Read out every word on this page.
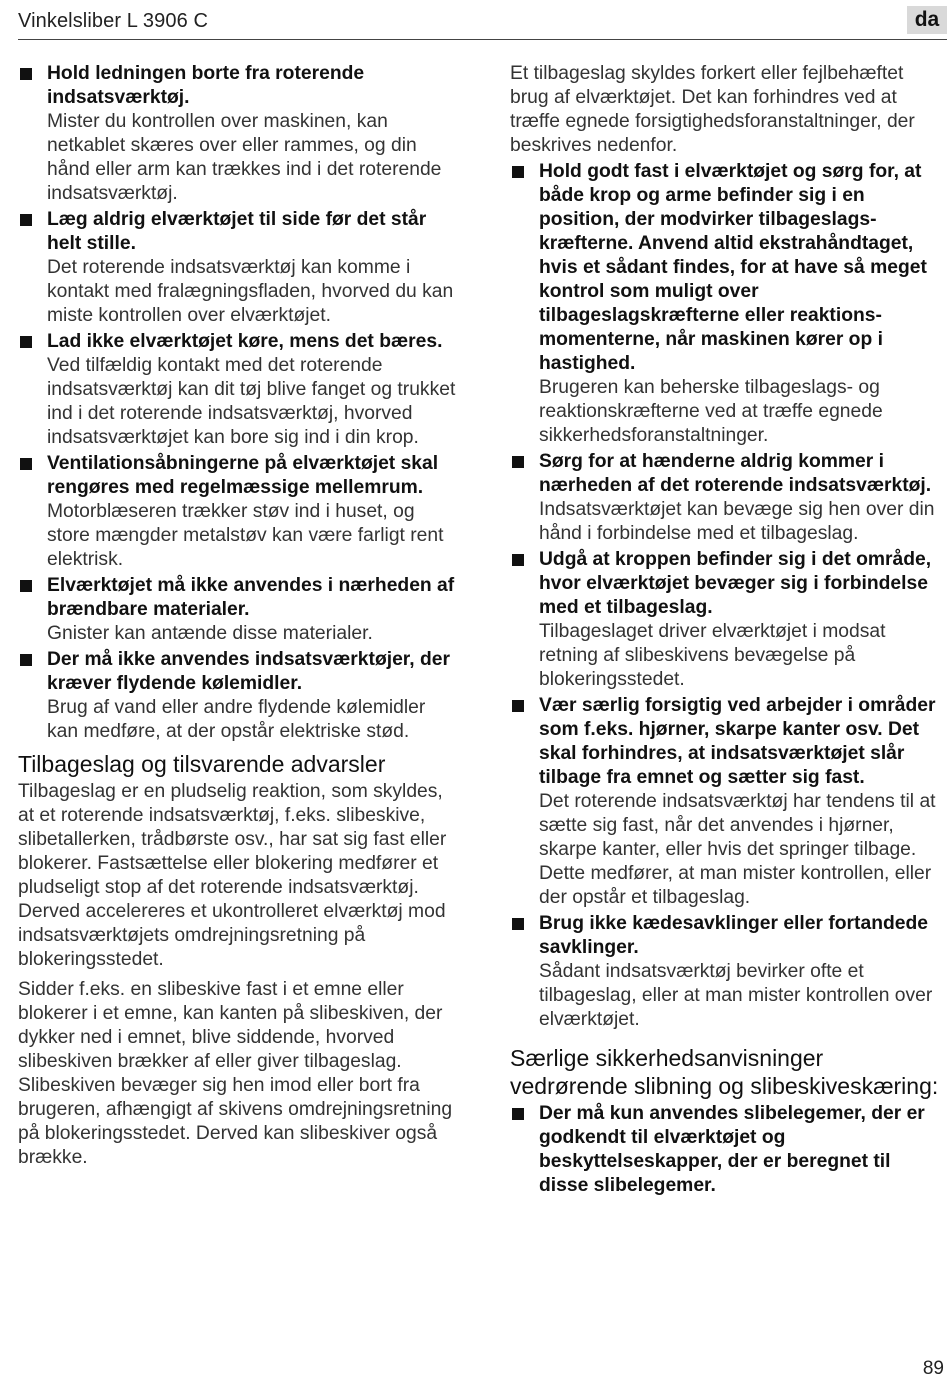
Vinkelsliber L 3906 C	da
Hold ledningen borte fra roterende indsatsværktøj.
Mister du kontrollen over maskinen, kan netkablet skæres over eller rammes, og din hånd eller arm kan trækkes ind i det roterende indsatsværktøj.
Læg aldrig elværktøjet til side før det står helt stille.
Det roterende indsatsværktøj kan komme i kontakt med fralægningsfladen, hvorved du kan miste kontrollen over elværktøjet.
Lad ikke elværktøjet køre, mens det bæres.
Ved tilfældig kontakt med det roterende indsatsværktøj kan dit tøj blive fanget og trukket ind i det roterende indsatsværktøj, hvorved indsatsværktøjet kan bore sig ind i din krop.
Ventilationsåbningerne på elværktøjet skal rengøres med regelmæssige mellemrum.
Motorblæseren trækker støv ind i huset, og store mængder metalstøv kan være farligt rent elektrisk.
Elværktøjet må ikke anvendes i nærheden af brændbare materialer.
Gnister kan antænde disse materialer.
Der må ikke anvendes indsatsværktøjer, der kræver flydende kølemidler.
Brug af vand eller andre flydende kølemidler kan medføre, at der opstår elektriske stød.
Tilbageslag og tilsvarende advarsler

Tilbageslag er en pludselig reaktion, som skyldes, at et roterende indsatsværktøj, f.eks. slibeskive, slibetallerken, trådbørste osv., har sat sig fast eller blokerer. Fastsættelse eller blokering medfører et pludseligt stop af det roterende indsatsværktøj. Derved accelereres et ukontrolleret elværktøj mod indsatsværktøjets omdrejningsretning på blokeringsstedet.

Sidder f.eks. en slibeskive fast i et emne eller blokerer i et emne, kan kanten på slibeskiven, der dykker ned i emnet, blive siddende, hvorved slibeskiven brækker af eller giver tilbageslag. Slibeskiven bevæger sig hen imod eller bort fra brugeren, afhængigt af skivens omdrejningsretning på blokeringsstedet. Derved kan slibeskiver også brække.

Et tilbageslag skyldes forkert eller fejlbehæftet brug af elværktøjet. Det kan forhindres ved at træffe egnede forsigtighedsforanstaltninger, der beskrives nedenfor.

Hold godt fast i elværktøjet og sørg for, at både krop og arme befinder sig i en position, der modvirker tilbageslagskræfterne. Anvend altid ekstrahåndtaget, hvis et sådant findes, for at have så meget kontrol som muligt over tilbageslagskræfterne eller reaktionsmomenterne, når maskinen kører op i hastighed.
Brugeren kan beherske tilbageslags- og reaktionskræfterne ved at træffe egnede sikkerhedsforanstaltninger.
Sørg for at hænderne aldrig kommer i nærheden af det roterende indsatsværktøj.
Indsatsværktøjet kan bevæge sig hen over din hånd i forbindelse med et tilbageslag.
Udgå at kroppen befinder sig i det område, hvor elværktøjet bevæger sig i forbindelse med et tilbageslag.
Tilbageslaget driver elværktøjet i modsat retning af slibeskivens bevægelse på blokeringsstedet.
Vær særlig forsigtig ved arbejder i områder som f.eks. hjørner, skarpe kanter osv. Det skal forhindres, at indsatsværktøjet slår tilbage fra emnet og sætter sig fast.
Det roterende indsatsværktøj har tendens til at sætte sig fast, når det anvendes i hjørner, skarpe kanter, eller hvis det springer tilbage. Dette medfører, at man mister kontrollen, eller der opstår et tilbageslag.
Brug ikke kædesavklinger eller fortandede savklinger.
Sådant indsatsværktøj bevirker ofte et tilbageslag, eller at man mister kontrollen over elværktøjet.
Særlige sikkerhedsanvisninger vedrørende slibning og slibeskiveskæring:
Der må kun anvendes slibelegemer, der er godkendt til elværktøjet og beskyttelseskapper, der er beregnet til disse slibelegemer.
89
